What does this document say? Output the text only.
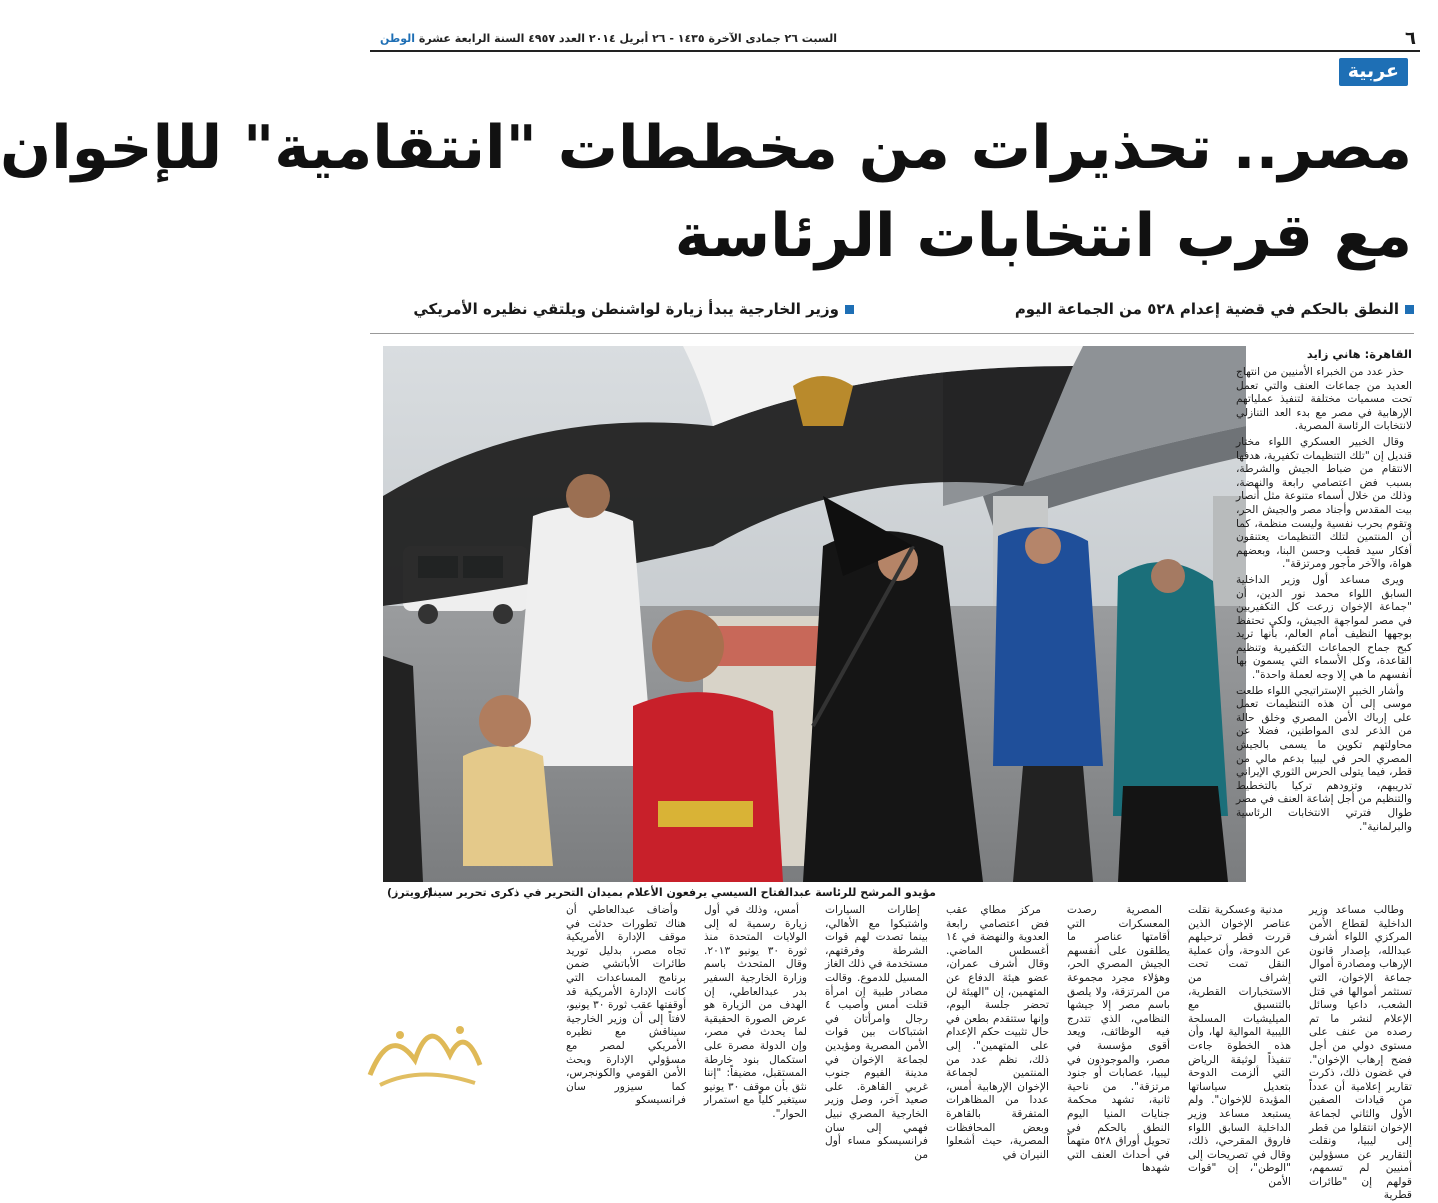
٦
السبت ٢٦ جمادى الآخرة ١٤٣٥ - ٢٦ أبريل ٢٠١٤ العدد ٤٩٥٧ السنة الرابعة عشرة الوطن
عربية
مصر.. تحذيرات من مخططات "انتقامية" للإخوان
مع قرب انتخابات الرئاسة
النطق بالحكم في قضية إعدام ٥٢٨ من الجماعة اليوم
وزير الخارجية يبدأ زيارة لواشنطن ويلتقي نظيره الأمريكي
القاهرة: هاني زايد
(رويترز)
مؤيدو المرشح للرئاسة عبدالفتاح السيسي يرفعون الأعلام بميدان التحرير في ذكرى تحرير سيناء

حذر عدد من الخبراء الأمنيين من انتهاج العديد من جماعات العنف والتي تعمل تحت مسميات مختلفة لتنفيذ عملياتهم الإرهابية في مصر مع بدء العد التنازلي لانتخابات الرئاسة المصرية.

وقال الخبير العسكري اللواء مختار قنديل إن "تلك التنظيمات تكفيرية، هدفها الانتقام من ضباط الجيش والشرطة، بسبب فض اعتصامي رابعة والنهضة، وذلك من خلال أسماء متنوعة مثل أنصار بيت المقدس وأجناد مصر والجيش الحر، وتقوم بحرب نفسية وليست منظمة، كما أن المنتمين لتلك التنظيمات يعتنقون أفكار سيد قطب وحسن البنا، وبعضهم هواة، والآخر مأجور ومرتزقة".

ويرى مساعد أول وزير الداخلية السابق اللواء محمد نور الدين، أن "جماعة الإخوان زرعت كل التكفيريين في مصر لمواجهة الجيش، ولكي تحتفظ بوجهها النظيف أمام العالم، بأنها تريد كبح جماح الجماعات التكفيرية وتنظيم القاعدة، وكل الأسماء التي يسمون بها أنفسهم ما هي إلا وجه لعملة واحدة".

وأشار الخبير الإستراتيجي اللواء طلعت موسى إلى أن هذه التنظيمات تعمل على إرباك الأمن المصري وخلق حالة من الذعر لدى المواطنين، فضلا عن محاولتهم تكوين ما يسمى بالجيش المصري الحر في ليبيا بدعم مالي من قطر، فيما يتولى الحرس الثوري الإيراني تدريبهم، وتزودهم تركيا بالتخطيط والتنظيم من أجل إشاعة العنف في مصر طوال فترتي الانتخابات الرئاسية والبرلمانية".

وطالب مساعد وزير الداخلية لقطاع الأمن المركزي اللواء أشرف عبدالله، بإصدار قانون الإرهاب ومصادرة أموال جماعة الإخوان، التي تستثمر أموالها في قتل الشعب، داعيا وسائل الإعلام لنشر ما تم رصده من عنف على مستوى دولي من أجل فضح إرهاب الإخوان". في غضون ذلك، ذكرت تقارير إعلامية أن عدداً من قيادات الصفين الأول والثاني لجماعة الإخوان انتقلوا من قطر إلى ليبيا، ونقلت التقارير عن مسؤولين أمنيين لم تسمهم، قولهم إن "طائرات قطرية

مدنية وعسكرية نقلت عناصر الإخوان الذين قررت قطر ترحيلهم عن الدوحة، وأن عملية النقل تمت تحت إشراف من الاستخبارات القطرية، بالتنسيق مع الميليشيات المسلحة الليبية الموالية لها، وأن هذه الخطوة جاءت تنفيذاً لوثيقة الرياض التي ألزمت الدوحة بتعديل سياساتها المؤيدة للإخوان". ولم يستبعد مساعد وزير الداخلية السابق اللواء فاروق المقرحي، ذلك، وقال في تصريحات إلى "الوطن"، إن "قوات الأمن

المصرية رصدت المعسكرات التي أقامتها عناصر ما يطلقون على أنفسهم الجيش المصري الحر، وهؤلاء مجرد مجموعة من المرتزقة، ولا يلصق باسم مصر إلا جيشها النظامي، الذي تتدرج فيه الوظائف، ويعد أقوى مؤسسة في مصر، والموجودون في ليبيا، عصابات أو جنود مرتزقة". من ناحية ثانية، تشهد محكمة جنايات المنيا اليوم النطق بالحكم في تحويل أوراق ٥٢٨ متهماً في أحداث العنف التي شهدها

مركز مطاي عقب فض اعتصامي رابعة العدوية والنهضة في ١٤ أغسطس الماضي. وقال أشرف عمران، عضو هيئة الدفاع عن المتهمين، إن "الهيئة لن تحضر جلسة اليوم، وإنها ستتقدم بطعن في حال تثبيت حكم الإعدام على المتهمين". إلى ذلك، نظم عدد من المنتمين لجماعة الإخوان الإرهابية أمس، عددا من المظاهرات المتفرقة بالقاهرة وبعض المحافظات المصرية، حيث أشعلوا النيران في

إطارات السيارات واشتبكوا مع الأهالي، بينما تصدت لهم قوات الشرطة وفرقتهم، مستخدمة في ذلك الغاز المسيل للدموع. وقالت مصادر طبية إن امرأة قتلت أمس وأصيب ٤ رجال وامرأتان في اشتباكات بين قوات الأمن المصرية ومؤيدين لجماعة الإخوان في مدينة الفيوم جنوب غربي القاهرة. على صعيد آخر، وصل وزير الخارجية المصري نبيل فهمي إلى سان فرانسيسكو مساء أول من

أمس، وذلك في أول زيارة رسمية له إلى الولايات المتحدة منذ ثورة ٣٠ يونيو ٢٠١٣. وقال المتحدث باسم وزارة الخارجية السفير بدر عبدالعاطي، إن الهدف من الزيارة هو عرض الصورة الحقيقية لما يحدث في مصر، وإن الدولة مصرة على استكمال بنود خارطة المستقبل، مضيفاً: "إننا نثق بأن موقف ٣٠ يونيو سيتغير كلياً مع استمرار الحوار".

وأضاف عبدالعاطي أن هناك تطورات حدثت في موقف الإدارة الأمريكية تجاه مصر، بدليل توريد طائرات الأباتشي ضمن برنامج المساعدات التي كانت الإدارة الأمريكية قد أوقفتها عقب ثورة ٣٠ يونيو، لافتاً إلى أن وزير الخارجية سيناقش مع نظيره الأمريكي لمصر مع مسؤولي الإدارة وبحث الأمن القومي والكونجرس، كما سيزور سان فرانسيسكو
